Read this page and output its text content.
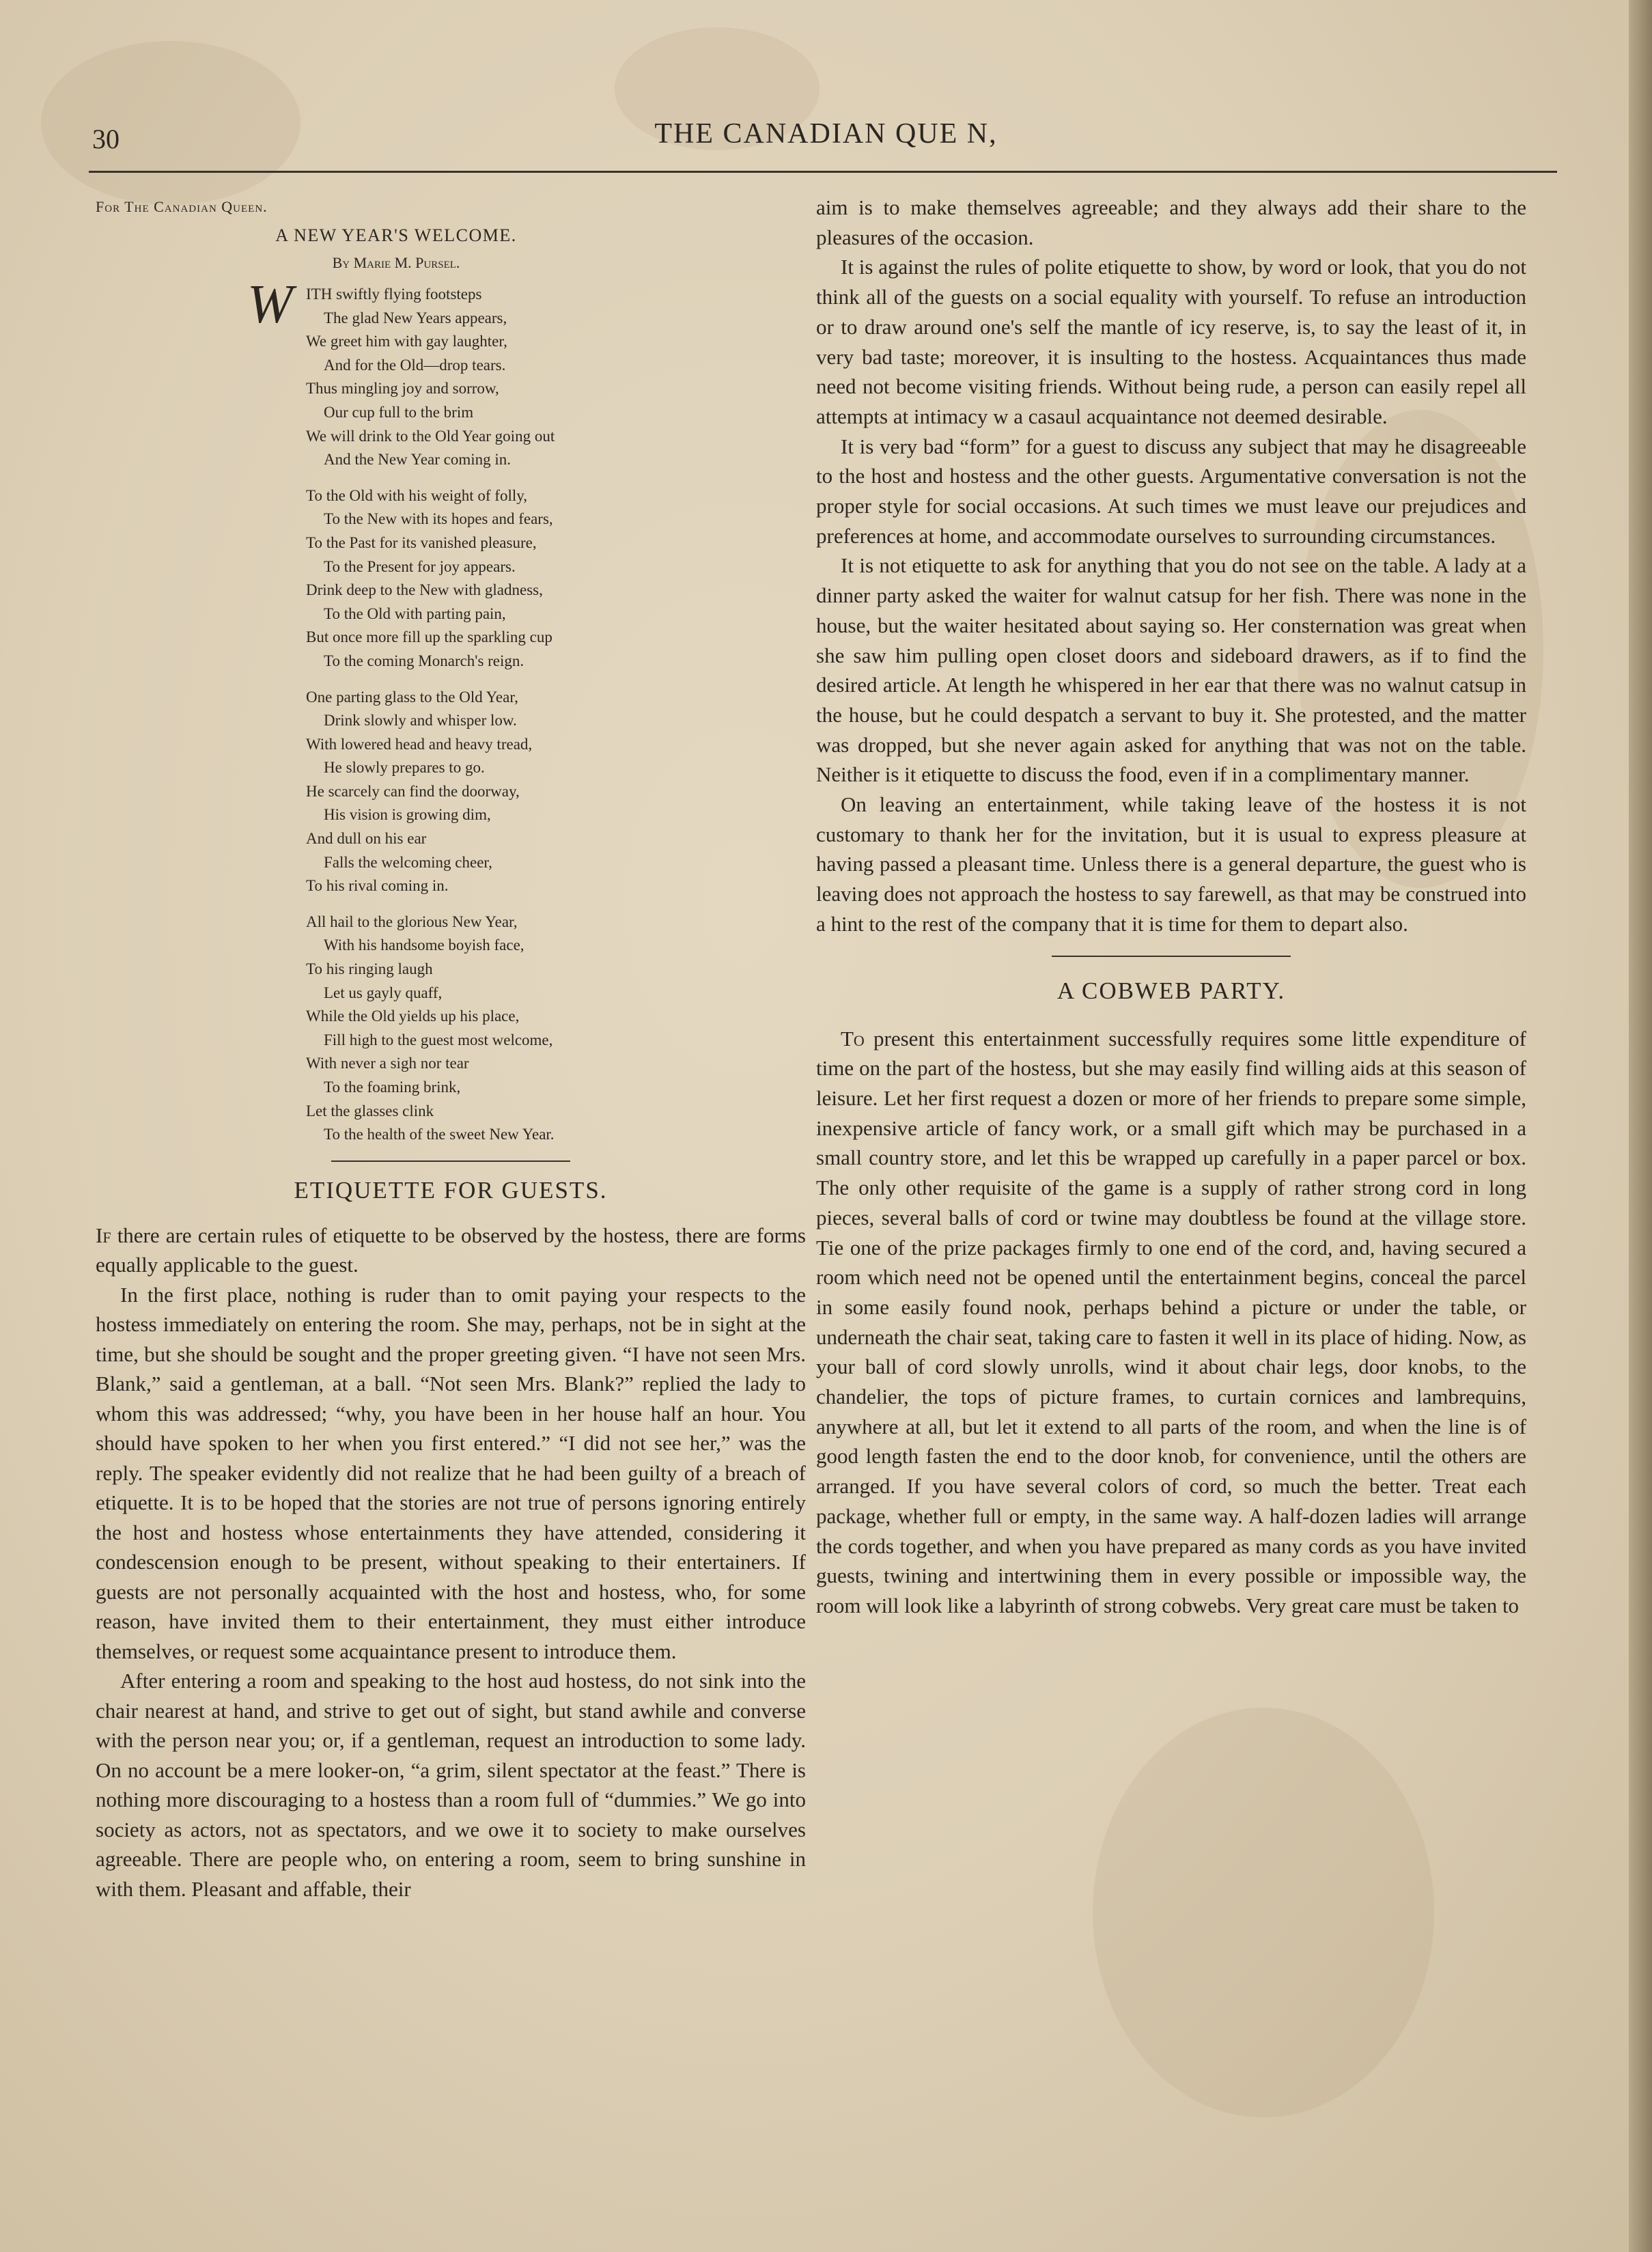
30	THE CANADIAN QUE N,
For The Canadian Queen.
A NEW YEAR'S WELCOME.
By Marie M. Pursel.
W ITH swiftly flying footsteps
The glad New Years appears,
We greet him with gay laughter,
And for the Old—drop tears.
Thus mingling joy and sorrow,
Our cup full to the brim
We will drink to the Old Year going out
And the New Year coming in.
To the Old with his weight of folly,
To the New with its hopes and fears,
To the Past for its vanished pleasure,
To the Present for joy appears.
Drink deep to the New with gladness,
To the Old with parting pain,
But once more fill up the sparkling cup
To the coming Monarch's reign.
One parting glass to the Old Year,
Drink slowly and whisper low.
With lowered head and heavy tread,
He slowly prepares to go.
He scarcely can find the doorway,
His vision is growing dim,
And dull on his ear
Falls the welcoming cheer,
To his rival coming in.
All hail to the glorious New Year,
With his handsome boyish face,
To his ringing laugh
Let us gayly quaff,
While the Old yields up his place,
Fill high to the guest most welcome,
With never a sigh nor tear
To the foaming brink,
Let the glasses clink
To the health of the sweet New Year.
ETIQUETTE FOR GUESTS.

If there are certain rules of etiquette to be observed by the hostess, there are forms equally applicable to the guest.

In the first place, nothing is ruder than to omit paying your respects to the hostess immediately on entering the room. She may, perhaps, not be in sight at the time, but she should be sought and the proper greeting given. “I have not seen Mrs. Blank,” said a gentleman, at a ball. “Not seen Mrs. Blank?” replied the lady to whom this was addressed; “why, you have been in her house half an hour. You should have spoken to her when you first entered.” “I did not see her,” was the reply. The speaker evidently did not realize that he had been guilty of a breach of etiquette. It is to be hoped that the stories are not true of persons ignoring entirely the host and hostess whose entertainments they have attended, considering it condescension enough to be present, without speaking to their entertainers. If guests are not personally acquainted with the host and hostess, who, for some reason, have invited them to their entertainment, they must either introduce themselves, or request some acquaintance present to introduce them.

After entering a room and speaking to the host aud hostess, do not sink into the chair nearest at hand, and strive to get out of sight, but stand awhile and converse with the person near you; or, if a gentleman, request an introduction to some lady. On no account be a mere looker-on, “a grim, silent spectator at the feast.” There is nothing more discouraging to a hostess than a room full of “dummies.” We go into society as actors, not as spectators, and we owe it to society to make ourselves agreeable. There are people who, on entering a room, seem to bring sunshine in with them. Pleasant and affable, their

aim is to make themselves agreeable; and they always add their share to the pleasures of the occasion.

It is against the rules of polite etiquette to show, by word or look, that you do not think all of the guests on a social equality with yourself. To refuse an introduction or to draw around one's self the mantle of icy reserve, is, to say the least of it, in very bad taste; moreover, it is insulting to the hostess. Acquaintances thus made need not become visiting friends. Without being rude, a person can easily repel all attempts at intimacy w a casaul acquaintance not deemed desirable.

It is very bad “form” for a guest to discuss any subject that may he disagreeable to the host and hostess and the other guests. Argumentative conversation is not the proper style for social occasions. At such times we must leave our prejudices and preferences at home, and accommodate ourselves to surrounding circumstances.

It is not etiquette to ask for anything that you do not see on the table. A lady at a dinner party asked the waiter for walnut catsup for her fish. There was none in the house, but the waiter hesitated about saying so. Her consternation was great when she saw him pulling open closet doors and sideboard drawers, as if to find the desired article. At length he whispered in her ear that there was no walnut catsup in the house, but he could despatch a servant to buy it. She protested, and the matter was dropped, but she never again asked for anything that was not on the table. Neither is it etiquette to discuss the food, even if in a complimentary manner.

On leaving an entertainment, while taking leave of the hostess it is not customary to thank her for the invitation, but it is usual to express pleasure at having passed a pleasant time. Unless there is a general departure, the guest who is leaving does not approach the hostess to say farewell, as that may be construed into a hint to the rest of the company that it is time for them to depart also.

A COBWEB PARTY.

To present this entertainment successfully requires some little expenditure of time on the part of the hostess, but she may easily find willing aids at this season of leisure. Let her first request a dozen or more of her friends to prepare some simple, inexpensive article of fancy work, or a small gift which may be purchased in a small country store, and let this be wrapped up carefully in a paper parcel or box. The only other requisite of the game is a supply of rather strong cord in long pieces, several balls of cord or twine may doubtless be found at the village store. Tie one of the prize packages firmly to one end of the cord, and, having secured a room which need not be opened until the entertainment begins, conceal the parcel in some easily found nook, perhaps behind a picture or under the table, or underneath the chair seat, taking care to fasten it well in its place of hiding. Now, as your ball of cord slowly unrolls, wind it about chair legs, door knobs, to the chandelier, the tops of picture frames, to curtain cornices and lambrequins, anywhere at all, but let it extend to all parts of the room, and when the line is of good length fasten the end to the door knob, for convenience, until the others are arranged. If you have several colors of cord, so much the better. Treat each package, whether full or empty, in the same way. A half-dozen ladies will arrange the cords together, and when you have prepared as many cords as you have invited guests, twining and intertwining them in every possible or impossible way, the room will look like a labyrinth of strong cobwebs. Very great care must be taken to
